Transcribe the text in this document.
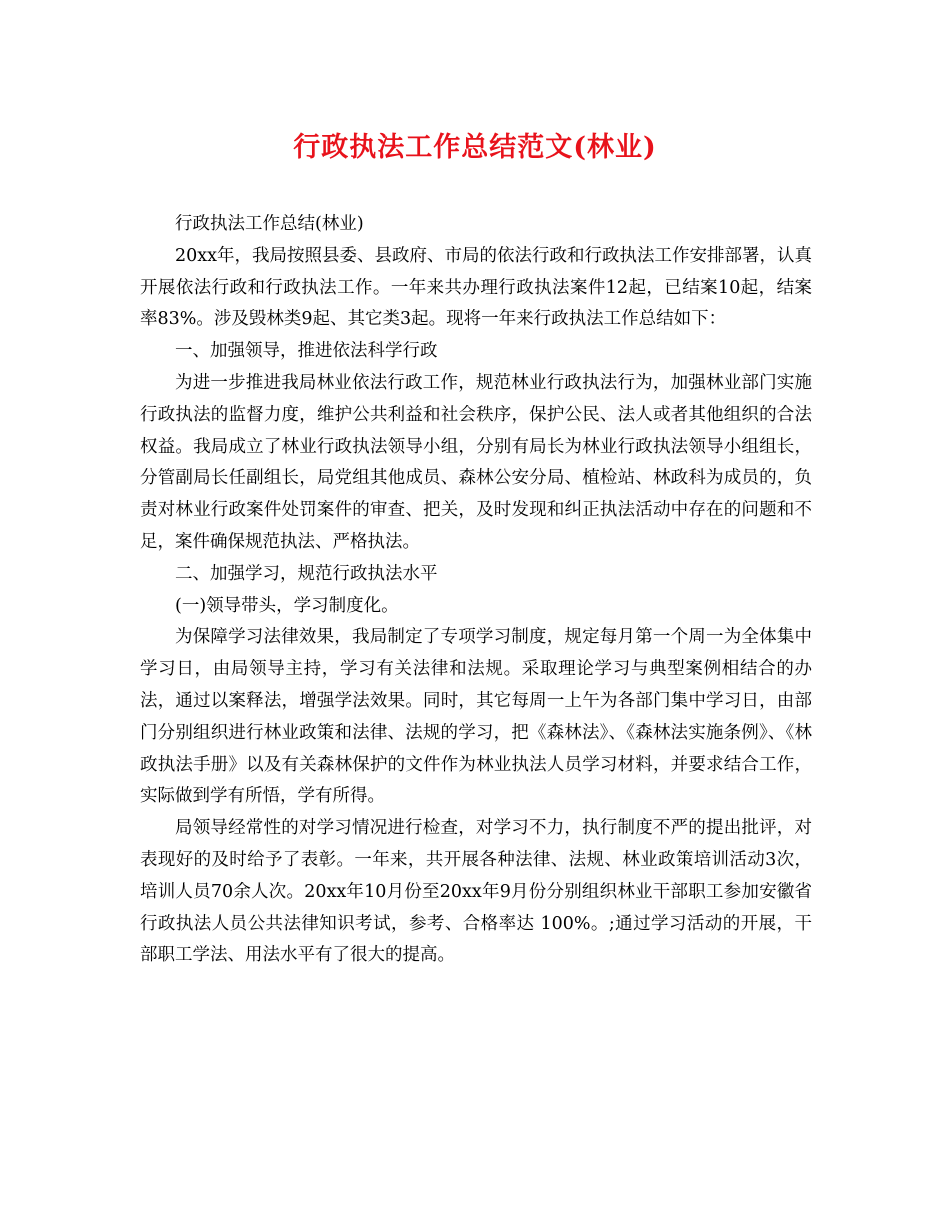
行政执法工作总结范文(林业)

行政执法工作总结(林业)

20xx年，我局按照县委、县政府、市局的依法行政和行政执法工作安排部署，认真开展依法行政和行政执法工作。一年来共办理行政执法案件12起，已结案10起，结案率83%。涉及毁林类9起、其它类3起。现将一年来行政执法工作总结如下：

一、加强领导，推进依法科学行政

为进一步推进我局林业依法行政工作，规范林业行政执法行为，加强林业部门实施行政执法的监督力度，维护公共利益和社会秩序，保护公民、法人或者其他组织的合法权益。我局成立了林业行政执法领导小组，分别有局长为林业行政执法领导小组组长，分管副局长任副组长，局党组其他成员、森林公安分局、植检站、林政科为成员的，负责对林业行政案件处罚案件的审查、把关，及时发现和纠正执法活动中存在的问题和不足，案件确保规范执法、严格执法。

二、加强学习，规范行政执法水平

(一)领导带头，学习制度化。

为保障学习法律效果，我局制定了专项学习制度，规定每月第一个周一为全体集中学习日，由局领导主持，学习有关法律和法规。采取理论学习与典型案例相结合的办法，通过以案释法，增强学法效果。同时，其它每周一上午为各部门集中学习日，由部门分别组织进行林业政策和法律、法规的学习，把《森林法》、《森林法实施条例》、《林政执法手册》以及有关森林保护的文件作为林业执法人员学习材料，并要求结合工作，实际做到学有所悟，学有所得。

局领导经常性的对学习情况进行检查，对学习不力，执行制度不严的提出批评，对表现好的及时给予了表彰。一年来，共开展各种法律、法规、林业政策培训活动3次，培训人员70余人次。20xx年10月份至20xx年9月份分别组织林业干部职工参加安徽省行政执法人员公共法律知识考试，参考、合格率达 100%。;通过学习活动的开展，干部职工学法、用法水平有了很大的提高。
